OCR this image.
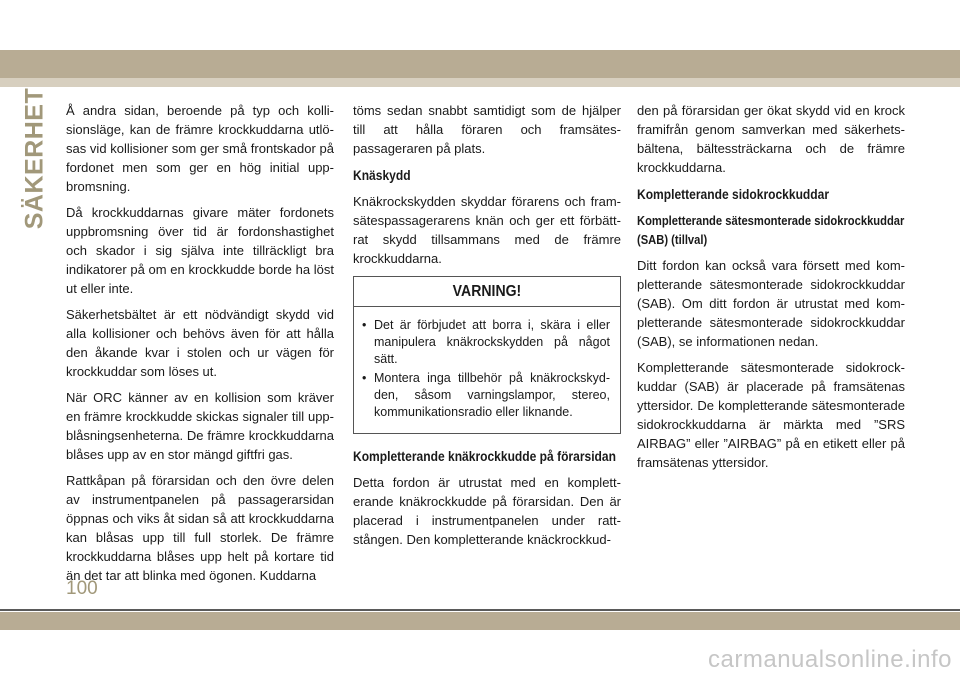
SÄKERHET Å andra sidan, beroende på typ och kollisionsläge, kan de främre krockkuddarna utlösas vid kollisioner som ger små frontskador på fordonet men som ger en hög initial uppbromsning.

Då krockkuddarnas givare mäter fordonets uppbromsning över tid är fordonshastighet och skador i sig själva inte tillräckligt bra indikatorer på om en krockkudde borde ha löst ut eller inte.

Säkerhetsbältet är ett nödvändigt skydd vid alla kollisioner och behövs även för att hålla den åkande kvar i stolen och ur vägen för krockkuddar som löses ut.

När ORC känner av en kollision som kräver en främre krockkudde skickas signaler till uppblåsningsenheterna. De främre krockkuddarna blåses upp av en stor mängd giftfri gas.

Rattkåpan på förarsidan och den övre delen av instrumentpanelen på passagerarsidan öppnas och viks åt sidan så att krockkuddarna kan blåsas upp till full storlek. De främre krockkuddarna blåses upp helt på kortare tid än det tar att blinka med ögonen. Kuddarna

töms sedan snabbt samtidigt som de hjälper till att hålla föraren och framsätespassageraren på plats.

Knäskydd

Knäkrockskydden skyddar förarens och framsätespassagerarens knän och ger ett förbättrat skydd tillsammans med de främre krockkuddarna.

VARNING!
• Det är förbjudet att borra i, skära i eller manipulera knäkrockskydden på något sätt.
• Montera inga tillbehör på knäkrockskydden, såsom varningslampor, stereo, kommunikationsradio eller liknande.
Kompletterande knäkrockkudde på förarsidan

Detta fordon är utrustat med en kompletterande knäkrockkudde på förarsidan. Den är placerad i instrumentpanelen under rattstången. Den kompletterande knäckrockkud-

den på förarsidan ger ökat skydd vid en krock framifrån genom samverkan med säkerhetsbältena, bältessträckarna och de främre krockkuddarna.

Kompletterande sidokrockkuddar
Kompletterande sätesmonterade sidokrockkuddar (SAB) (tillval)

Ditt fordon kan också vara försett med kompletterande sätesmonterade sidokrockkuddar (SAB). Om ditt fordon är utrustat med kompletterande sätesmonterade sidokrockkuddar (SAB), se informationen nedan.

Kompletterande sätesmonterade sidokrockkuddar (SAB) är placerade på framsätenas yttersidor. De kompletterande sätesmonterade sidokrockkuddarna är märkta med ”SRS AIRBAG” eller ”AIRBAG” på en etikett eller på framsätenas yttersidor.

100
carmanualsonline.info
